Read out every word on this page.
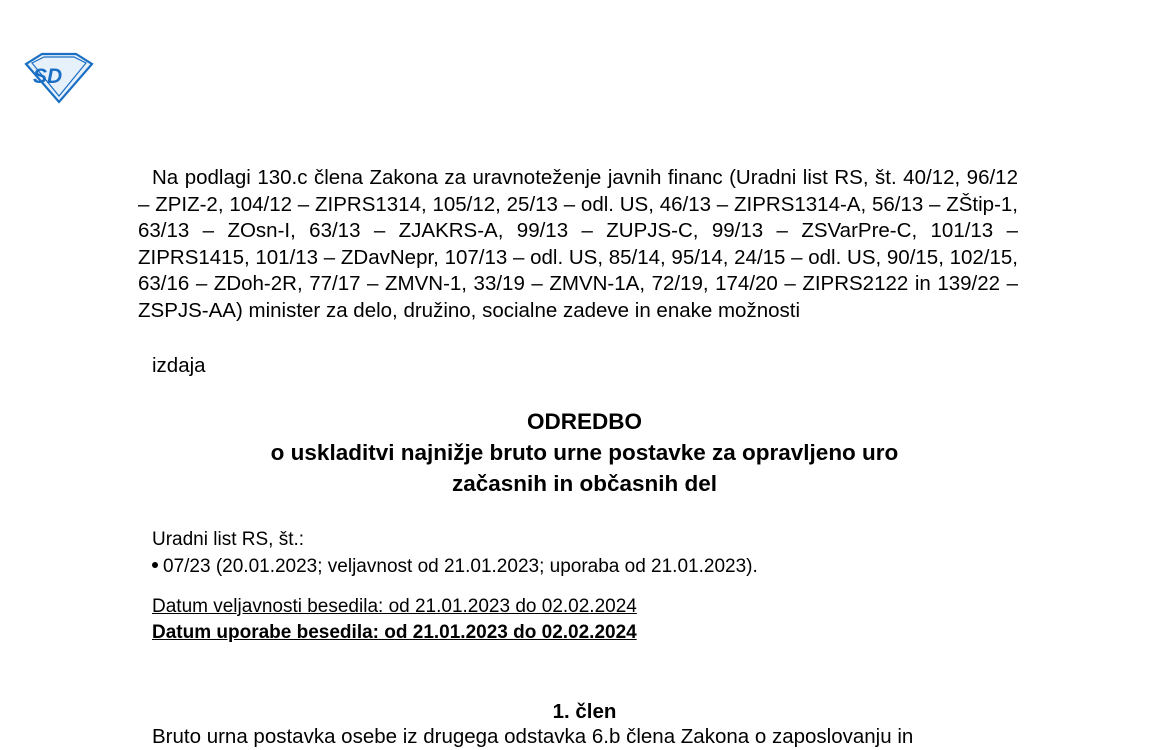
SD

Na podlagi 130.c člena Zakona za uravnoteženje javnih financ (Uradni list RS, št. 40/12, 96/12 – ZPIZ-2, 104/12 – ZIPRS1314, 105/12, 25/13 – odl. US, 46/13 – ZIPRS1314-A, 56/13 – ZŠtip-1, 63/13 – ZOsn-I, 63/13 – ZJAKRS-A, 99/13 – ZUPJS-C, 99/13 – ZSVarPre-C, 101/13 – ZIPRS1415, 101/13 – ZDavNepr, 107/13 – odl. US, 85/14, 95/14, 24/15 – odl. US, 90/15, 102/15, 63/16 – ZDoh-2R, 77/17 – ZMVN-1, 33/19 – ZMVN-1A, 72/19, 174/20 – ZIPRS2122 in 139/22 – ZSPJS-AA) minister za delo, družino, socialne zadeve in enake možnosti

izdaja
ODREDBO
o uskladitvi najnižje bruto urne postavke za opravljeno uro
začasnih in občasnih del
Uradni list RS, št.:
07/23 (20.01.2023; veljavnost od 21.01.2023; uporaba od 21.01.2023).
Datum veljavnosti besedila: od 21.01.2023 do 02.02.2024
Datum uporabe besedila: od 21.01.2023 do 02.02.2024
1. člen
Bruto urna postavka osebe iz drugega odstavka 6.b člena Zakona o zaposlovanju in
